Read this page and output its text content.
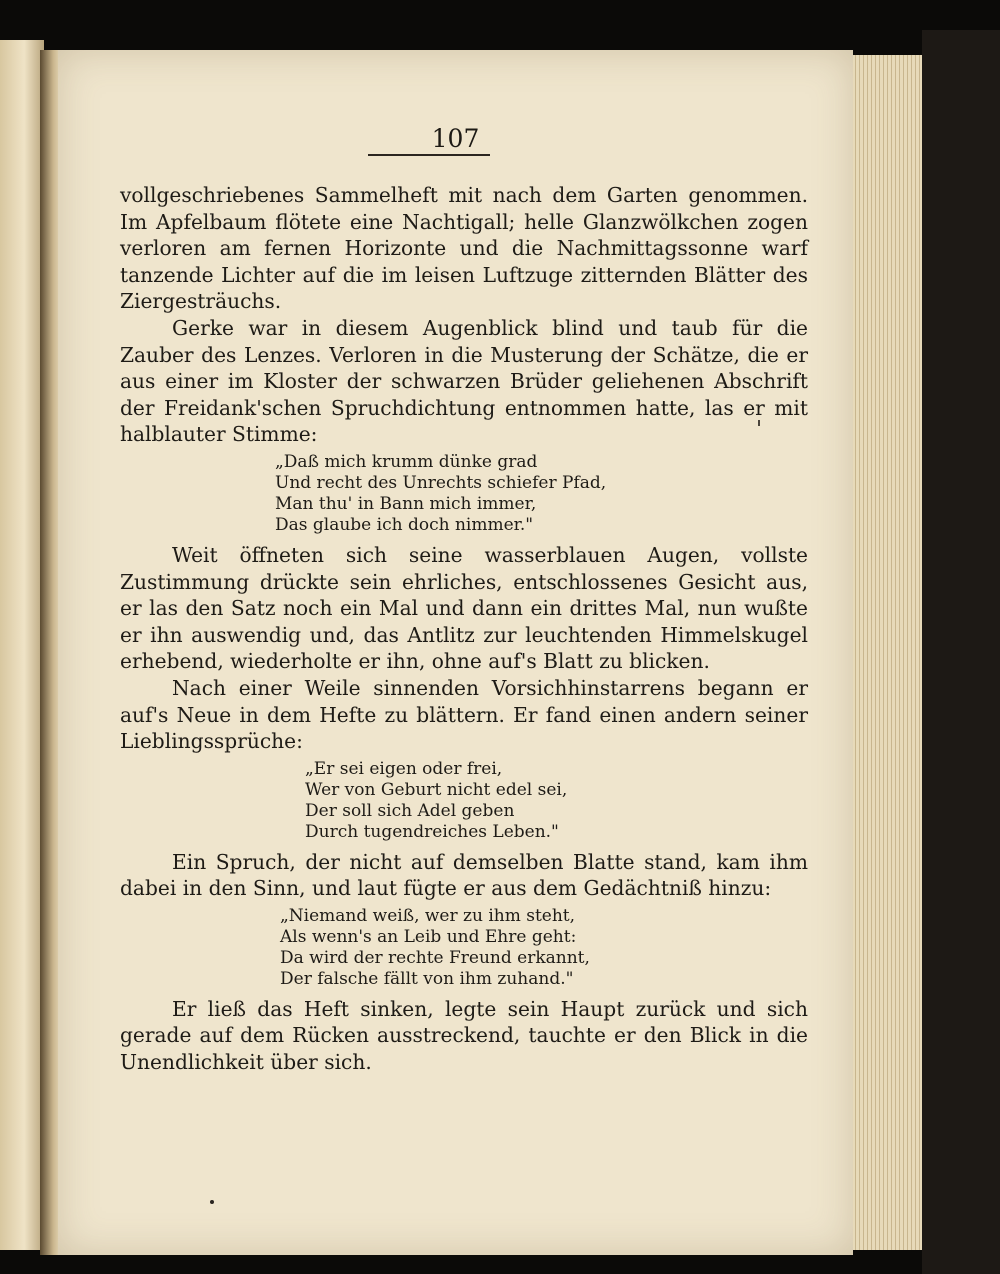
107

vollgeschriebenes Sammelheft mit nach dem Garten genommen. Im Apfelbaum flötete eine Nachtigall; helle Glanzwölkchen zogen verloren am fernen Horizonte und die Nachmittagssonne warf tanzende Lichter auf die im leisen Luftzuge zitternden Blätter des Ziergesträuchs.

Gerke war in diesem Augenblick blind und taub für die Zauber des Lenzes. Verloren in die Musterung der Schätze, die er aus einer im Kloster der schwarzen Brüder geliehenen Abschrift der Freidank'schen Spruchdichtung entnommen hatte, las er mit halblauter Stimme:

„Daß mich krumm dünke grad
Und recht des Unrechts schiefer Pfad,
Man thu' in Bann mich immer,
Das glaube ich doch nimmer."

Weit öffneten sich seine wasserblauen Augen, vollste Zustimmung drückte sein ehrliches, entschlossenes Gesicht aus, er las den Satz noch ein Mal und dann ein drittes Mal, nun wußte er ihn auswendig und, das Antlitz zur leuchtenden Himmelskugel erhebend, wiederholte er ihn, ohne auf's Blatt zu blicken.

Nach einer Weile sinnenden Vorsichhinstarrens begann er auf's Neue in dem Hefte zu blättern. Er fand einen andern seiner Lieblingssprüche:

„Er sei eigen oder frei,
Wer von Geburt nicht edel sei,
Der soll sich Adel geben
Durch tugendreiches Leben."

Ein Spruch, der nicht auf demselben Blatte stand, kam ihm dabei in den Sinn, und laut fügte er aus dem Gedächtniß hinzu:

„Niemand weiß, wer zu ihm steht,
Als wenn's an Leib und Ehre geht:
Da wird der rechte Freund erkannt,
Der falsche fällt von ihm zuhand."

Er ließ das Heft sinken, legte sein Haupt zurück und sich gerade auf dem Rücken ausstreckend, tauchte er den Blick in die Unendlichkeit über sich.
